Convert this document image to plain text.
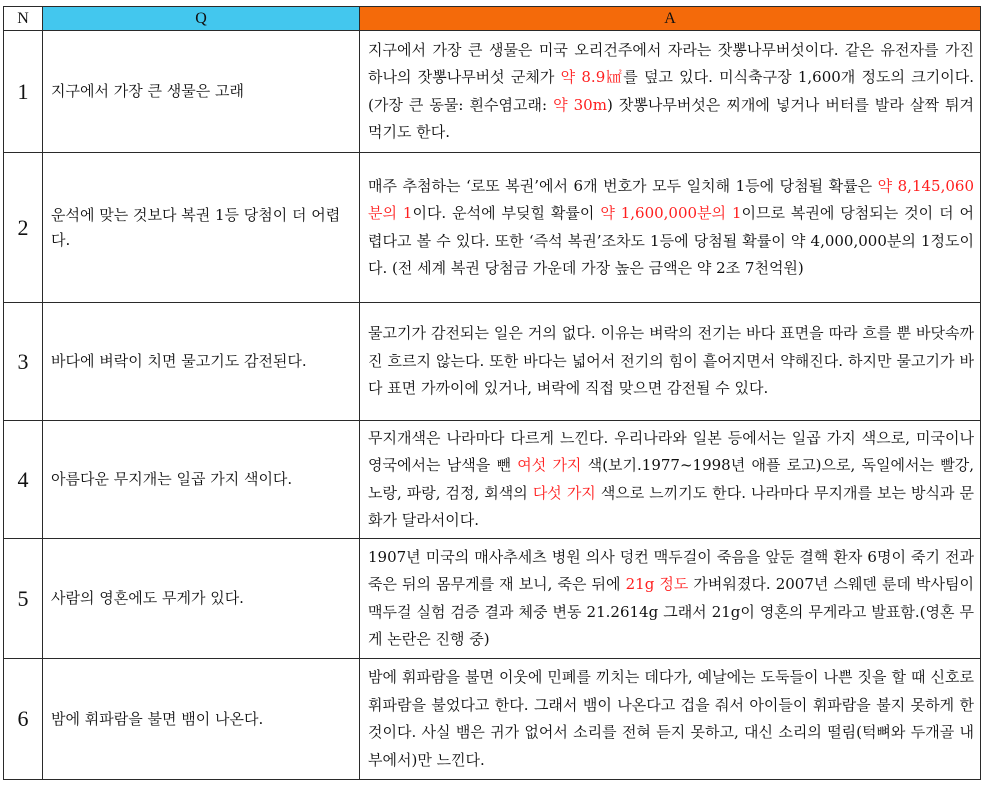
N	Q	A
1	지구에서 가장 큰 생물은 고래	지구에서 가장 큰 생물은 미국 오리건주에서 자라는 잣뽕나무버섯이다. 같은 유전자를 가진 하나의 잣뽕나무버섯 군체가 약 8.9㎢를 덮고 있다. 미식축구장 1,600개 정도의 크기이다.(가장 큰 동물: 흰수염고래: 약 30m) 잣뽕나무버섯은 찌개에 넣거나 버터를 발라 살짝 튀겨 먹기도 한다.
2	운석에 맞는 것보다 복권 1등 당첨이 더 어렵다.	매주 추첨하는 ‘로또 복권’에서 6개 번호가 모두 일치해 1등에 당첨될 확률은 약 8,145,060분의 1이다. 운석에 부딪힐 확률이 약 1,600,000분의 1이므로 복권에 당첨되는 것이 더 어렵다고 볼 수 있다. 또한 ‘즉석 복권’조차도 1등에 당첨될 확률이 약 4,000,000분의 1정도이다. (전 세계 복권 당첨금 가운데 가장 높은 금액은 약 2조 7천억원)
3	바다에 벼락이 치면 물고기도 감전된다.	물고기가 감전되는 일은 거의 없다. 이유는 벼락의 전기는 바다 표면을 따라 흐를 뿐 바닷속까진 흐르지 않는다. 또한 바다는 넓어서 전기의 힘이 흩어지면서 약해진다. 하지만 물고기가 바다 표면 가까이에 있거나, 벼락에 직접 맞으면 감전될 수 있다.
4	아름다운 무지개는 일곱 가지 색이다.	무지개색은 나라마다 다르게 느낀다. 우리나라와 일본 등에서는 일곱 가지 색으로, 미국이나 영국에서는 남색을 뺀 여섯 가지 색(보기.1977~1998년 애플 로고)으로, 독일에서는 빨강, 노랑, 파랑, 검정, 회색의 다섯 가지 색으로 느끼기도 한다. 나라마다 무지개를 보는 방식과 문화가 달라서이다.
5	사람의 영혼에도 무게가 있다.	1907년 미국의 매사추세츠 병원 의사 덩컨 맥두걸이 죽음을 앞둔 결핵 환자 6명이 죽기 전과 죽은 뒤의 몸무게를 재 보니, 죽은 뒤에 21g 정도 가벼워졌다. 2007년 스웨덴 룬데 박사팀이 맥두걸 실험 검증 결과 체중 변동 21.2614g 그래서 21g이 영혼의 무게라고 발표함.(영혼 무게 논란은 진행 중)
6	밤에 휘파람을 불면 뱀이 나온다.	밤에 휘파람을 불면 이웃에 민폐를 끼치는 데다가, 예날에는 도둑들이 나쁜 짓을 할 때 신호로 휘파람을 불었다고 한다. 그래서 뱀이 나온다고 겁을 줘서 아이들이 휘파람을 불지 못하게 한 것이다. 사실 뱀은 귀가 없어서 소리를 전혀 듣지 못하고, 대신 소리의 떨림(턱뼈와 두개골 내부에서)만 느낀다.
